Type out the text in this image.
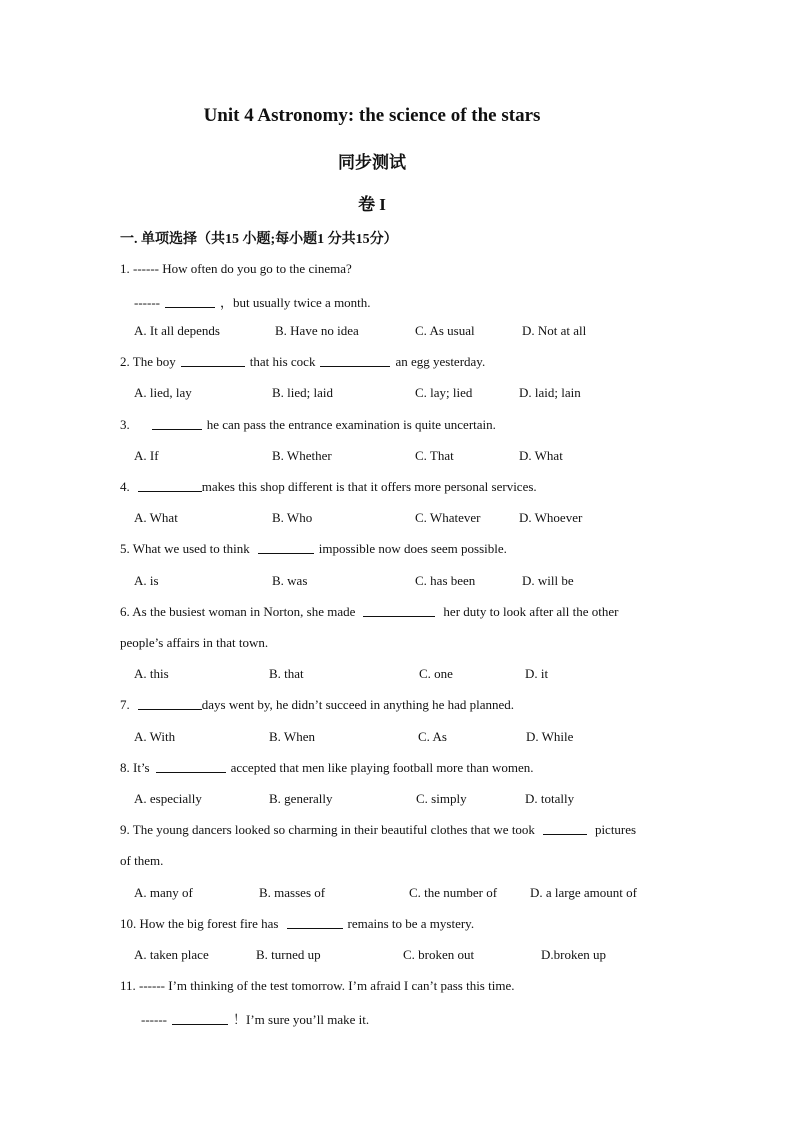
Unit 4 Astronomy: the science of the stars
同步测试
卷 I
一. 单项选择（共15 小题;每小题1 分共15分）
1. ------ How often do you go to the cinema?
------	，but usually twice a month.
A. It all depends	B. Have no idea	C. As usual	D. Not at all
2. The boy	that his cock	an egg yesterday.
A. lied, lay	B. lied; laid	C. lay; lied	D. laid; lain
3.	he can pass the entrance examination is quite uncertain.
A. If	B. Whether	C. That	D. What
4.	makes this shop different is that it offers more personal services.
A. What	B. Who	C. Whatever	D. Whoever
5. What we used to think	impossible now does seem possible.
A. is	B. was	C. has been	D. will be
6. As the busiest woman in Norton, she made	her duty to look after all the other
people’s affairs in that town.
A. this	B. that	C. one	D. it
7.	days went by, he didn’t succeed in anything he had planned.
A. With	B. When	C. As	D. While
8. It’s	accepted that men like playing football more than women.
A. especially	B. generally	C. simply	D. totally
9. The young dancers looked so charming in their beautiful clothes that we took	pictures
of them.
A. many of	B. masses of	C. the number of	D. a large amount of
10. How the big forest fire has	remains to be a mystery.
A. taken place	B. turned up	C. broken out	D.broken up
11. ------ I’m thinking of the test tomorrow. I’m afraid I can’t pass this time.
------	！I’m sure you’ll make it.
